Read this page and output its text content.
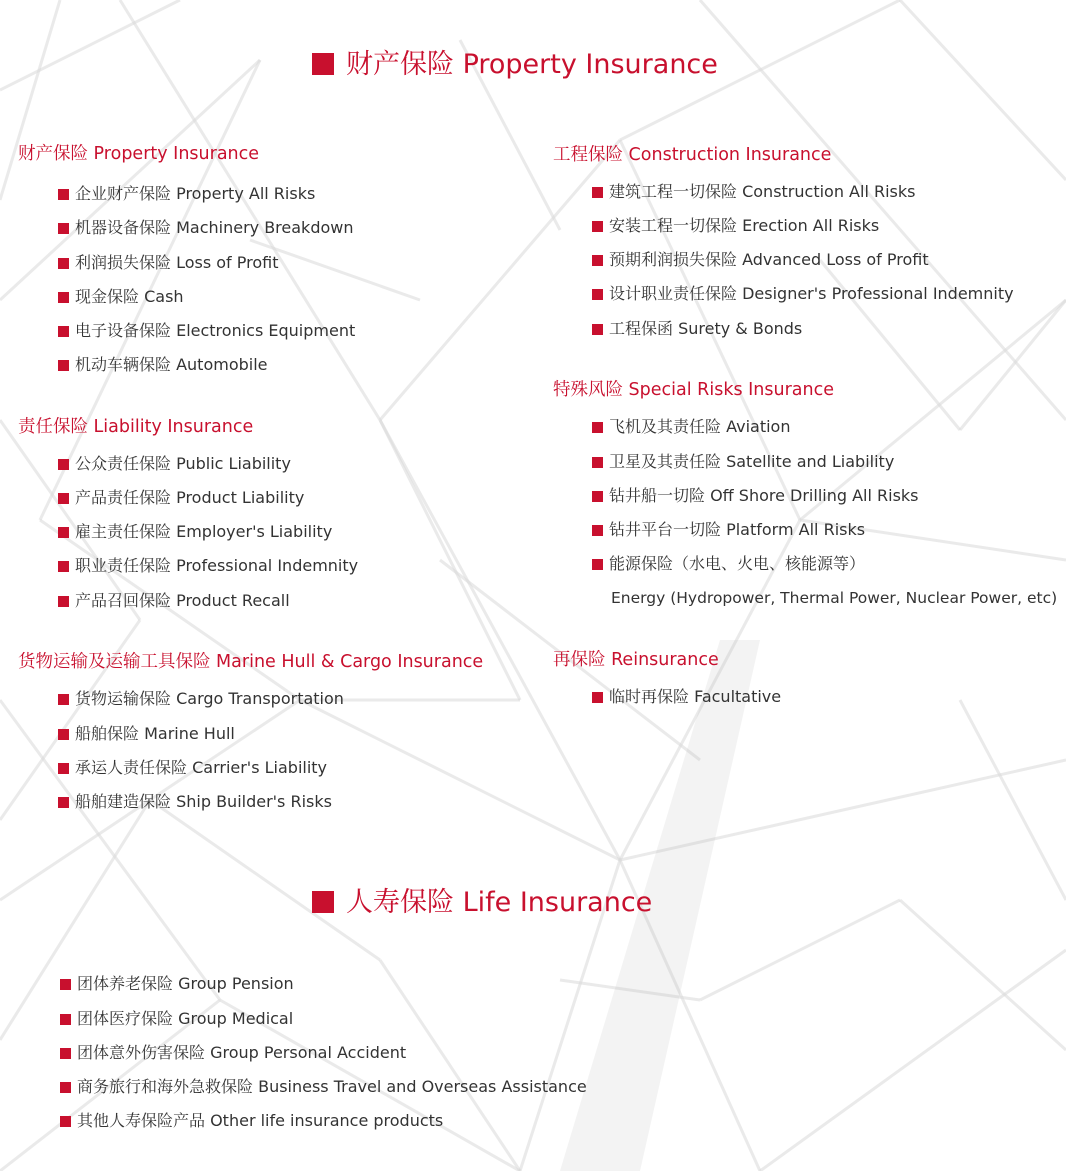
财产保险 Property Insurance
财产保险 Property Insurance
企业财产保险 Property All Risks
机器设备保险 Machinery Breakdown
利润损失保险 Loss of Profit
现金保险 Cash
电子设备保险 Electronics Equipment
机动车辆保险 Automobile
责任保险 Liability Insurance
公众责任保险 Public Liability
产品责任保险 Product Liability
雇主责任保险 Employer's Liability
职业责任保险 Professional Indemnity
产品召回保险 Product Recall
货物运输及运输工具保险 Marine Hull & Cargo Insurance
货物运输保险 Cargo Transportation
船舶保险 Marine Hull
承运人责任保险 Carrier's Liability
船舶建造保险 Ship Builder's Risks
工程保险 Construction Insurance
建筑工程一切保险 Construction All Risks
安装工程一切保险 Erection All Risks
预期利润损失保险 Advanced Loss of Profit
设计职业责任保险 Designer's Professional Indemnity
工程保函 Surety & Bonds
特殊风险 Special Risks Insurance
飞机及其责任险 Aviation
卫星及其责任险 Satellite and Liability
钻井船一切险 Off Shore Drilling All Risks
钻井平台一切险 Platform All Risks
能源保险（水电、火电、核能源等）
Energy (Hydropower, Thermal Power, Nuclear Power, etc)
再保险 Reinsurance
临时再保险 Facultative
人寿保险 Life Insurance
团体养老保险 Group Pension
团体医疗保险 Group Medical
团体意外伤害保险 Group Personal Accident
商务旅行和海外急救保险 Business Travel and Overseas Assistance
其他人寿保险产品 Other life insurance products
